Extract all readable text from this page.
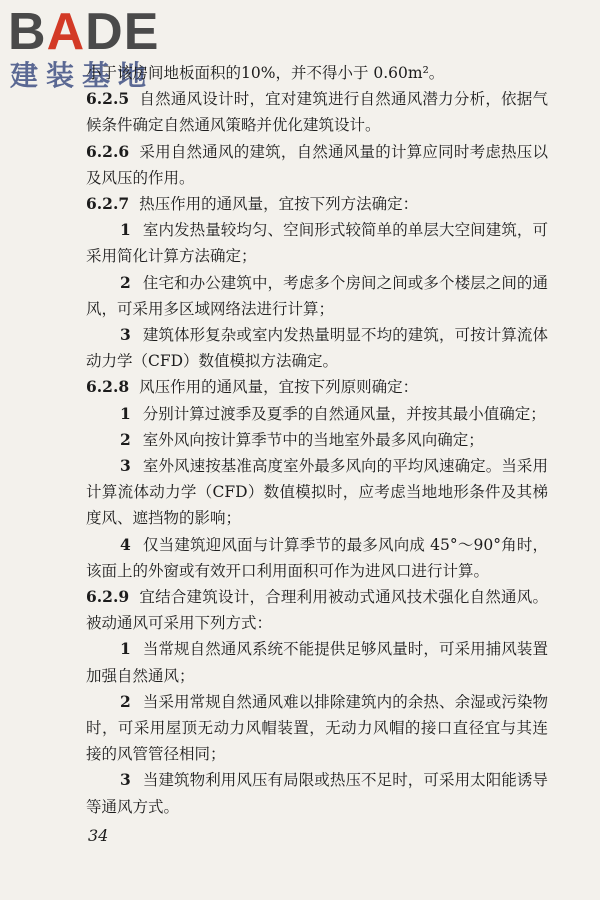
BADE
建装基地

小于该房间地板面积的10%，并不得小于 0.60m²。

6.2.5 自然通风设计时，宜对建筑进行自然通风潜力分析，依据气候条件确定自然通风策略并优化建筑设计。

6.2.6 采用自然通风的建筑，自然通风量的计算应同时考虑热压以及风压的作用。

6.2.7 热压作用的通风量，宜按下列方法确定：

1 室内发热量较均匀、空间形式较简单的单层大空间建筑，可采用简化计算方法确定；

2 住宅和办公建筑中，考虑多个房间之间或多个楼层之间的通风，可采用多区域网络法进行计算；

3 建筑体形复杂或室内发热量明显不均的建筑，可按计算流体动力学（CFD）数值模拟方法确定。

6.2.8 风压作用的通风量，宜按下列原则确定：

1 分别计算过渡季及夏季的自然通风量，并按其最小值确定；

2 室外风向按计算季节中的当地室外最多风向确定；

3 室外风速按基准高度室外最多风向的平均风速确定。当采用计算流体动力学（CFD）数值模拟时，应考虑当地地形条件及其梯度风、遮挡物的影响；

4 仅当建筑迎风面与计算季节的最多风向成 45°～90°角时，该面上的外窗或有效开口利用面积可作为进风口进行计算。

6.2.9 宜结合建筑设计，合理利用被动式通风技术强化自然通风。被动通风可采用下列方式：

1 当常规自然通风系统不能提供足够风量时，可采用捕风装置加强自然通风；

2 当采用常规自然通风难以排除建筑内的余热、余湿或污染物时，可采用屋顶无动力风帽装置，无动力风帽的接口直径宜与其连接的风管管径相同；

3 当建筑物利用风压有局限或热压不足时，可采用太阳能诱导等通风方式。

34
